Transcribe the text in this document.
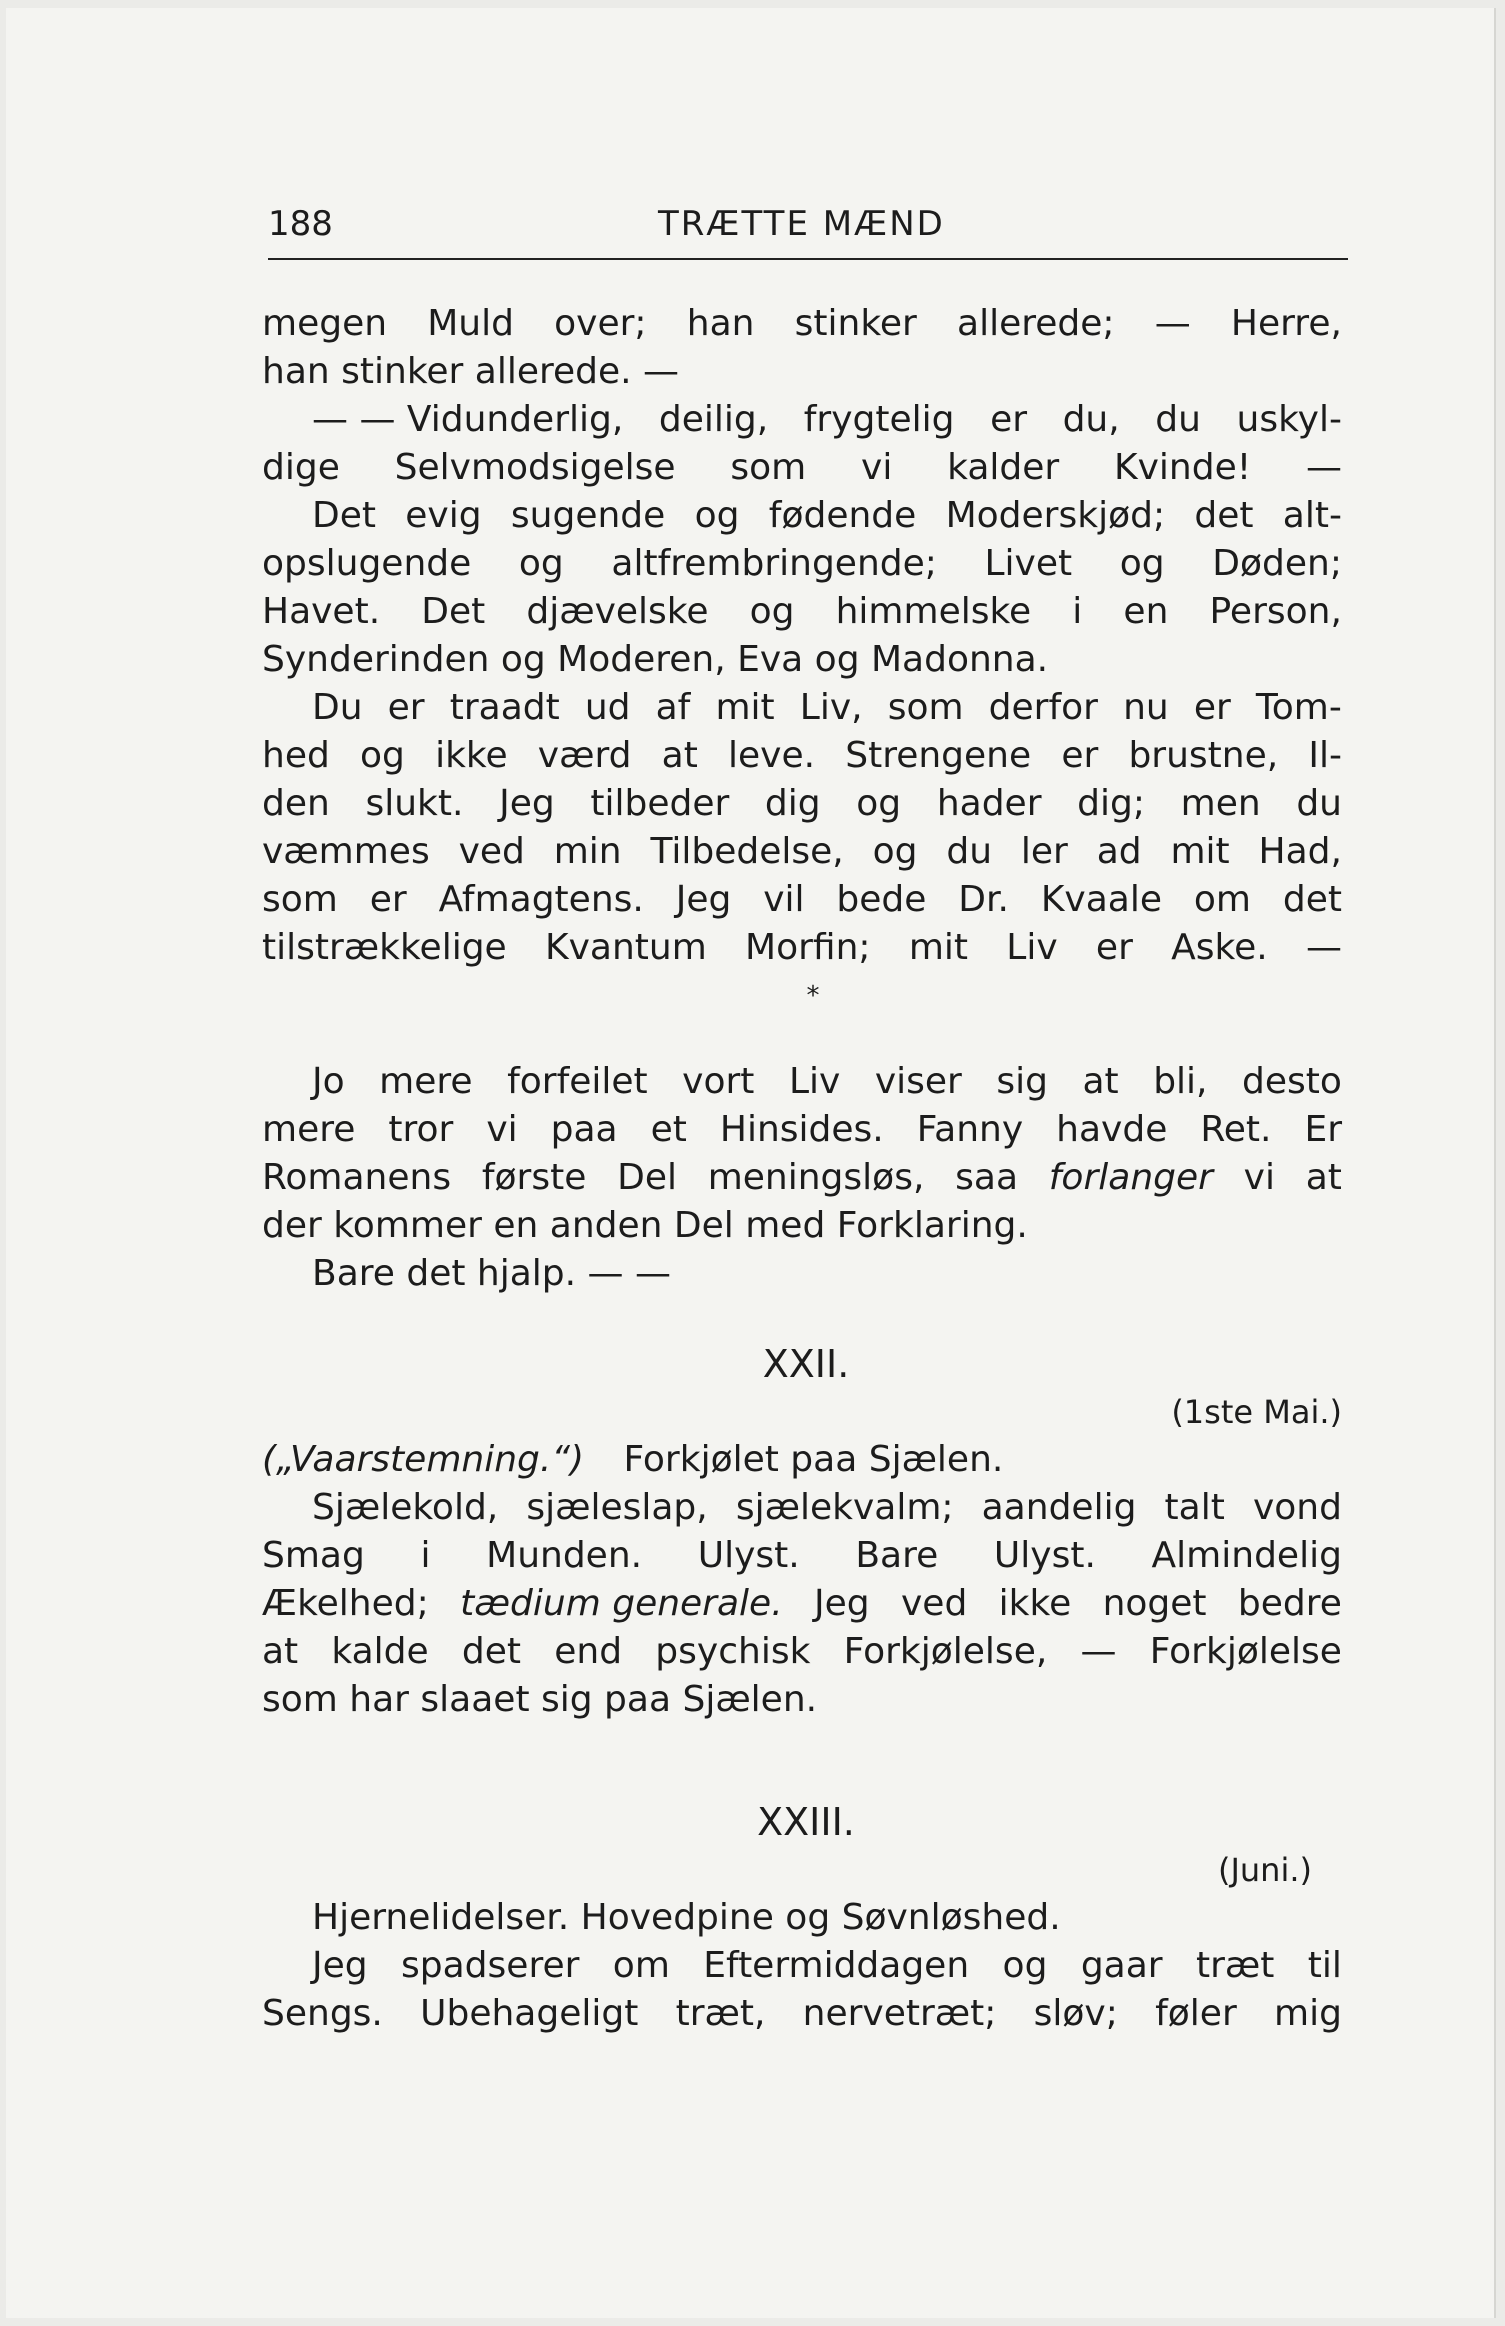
188	TRÆTTE MÆND
megen Muld over; han stinker allerede; — Herre,
han stinker allerede. —
— — Vidunderlig, deilig, frygtelig er du, du uskyl-
dige Selvmodsigelse som vi kalder Kvinde! —
Det evig sugende og fødende Moderskjød; det alt-
opslugende og altfrembringende; Livet og Døden;
Havet. Det djævelske og himmelske i en Person,
Synderinden og Moderen, Eva og Madonna.
Du er traadt ud af mit Liv, som derfor nu er Tom-
hed og ikke værd at leve. Strengene er brustne, Il-
den slukt. Jeg tilbeder dig og hader dig; men du
væmmes ved min Tilbedelse, og du ler ad mit Had,
som er Afmagtens. Jeg vil bede Dr. Kvaale om det
tilstrækkelige Kvantum Morfin; mit Liv er Aske. —
*
Jo mere forfeilet vort Liv viser sig at bli, desto
mere tror vi paa et Hinsides. Fanny havde Ret. Er
Romanens første Del meningsløs, saa forlanger vi at
der kommer en anden Del med Forklaring.
Bare det hjalp. — —
XXII.
(1ste Mai.)
(„Vaarstemning.“) Forkjølet paa Sjælen.
Sjælekold, sjæleslap, sjælekvalm; aandelig talt vond
Smag i Munden. Ulyst. Bare Ulyst. Almindelig
Ækelhed; tædium generale. Jeg ved ikke noget bedre
at kalde det end psychisk Forkjølelse, — Forkjølelse
som har slaaet sig paa Sjælen.
XXIII.
(Juni.)
Hjernelidelser. Hovedpine og Søvnløshed.
Jeg spadserer om Eftermiddagen og gaar træt til
Sengs. Ubehageligt træt, nervetræt; sløv; føler mig
